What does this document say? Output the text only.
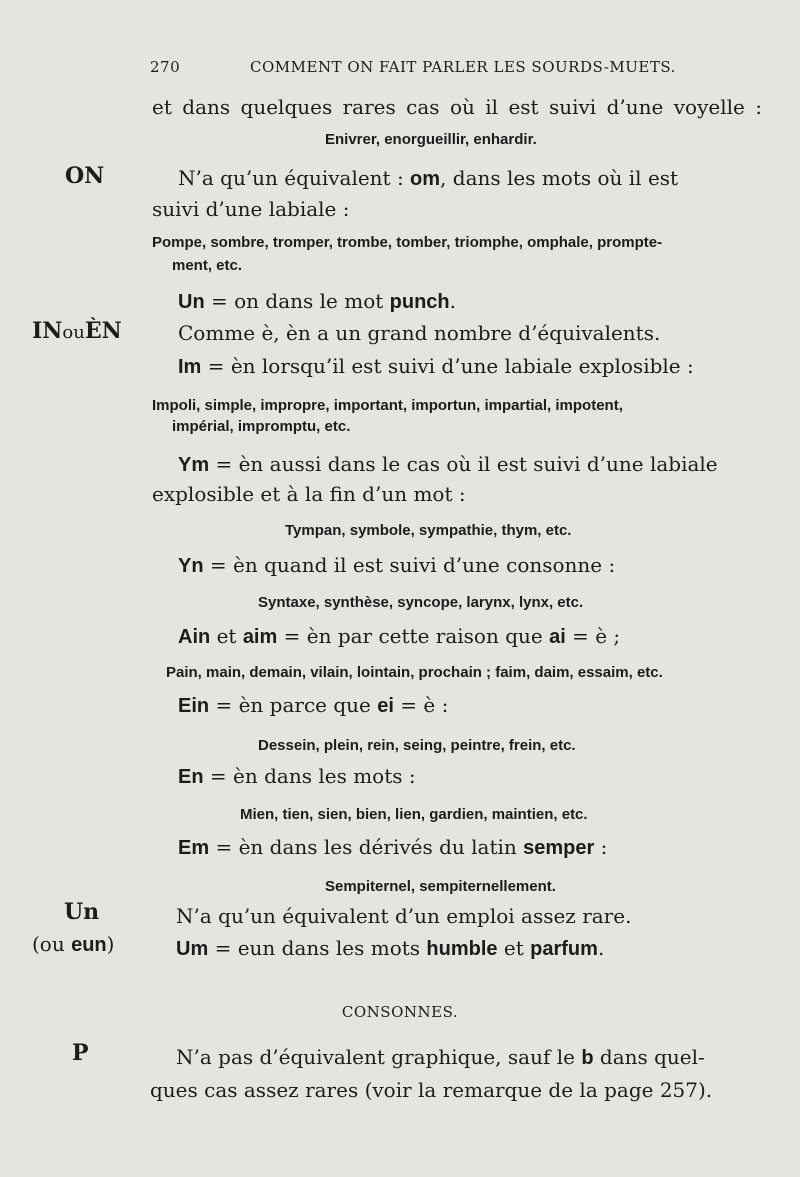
270	COMMENT ON FAIT PARLER LES SOURDS-MUETS.
et dans quelques rares cas où il est suivi d’une voyelle :
Enivrer, enorgueillir, enhardir.
ON	N’a qu’un équivalent : om, dans les mots où il est
suivi d’une labiale :
Pompe, sombre, tromper, trombe, tomber, triomphe, omphale, prompte-
ment, etc.
Un = on dans le mot punch.
INouÈN	Comme è, èn a un grand nombre d’équivalents.
Im = èn lorsqu’il est suivi d’une labiale explosible :
Impoli, simple, impropre, important, importun, impartial, impotent,
impérial, impromptu, etc.
Ym = èn aussi dans le cas où il est suivi d’une labiale
explosible et à la fin d’un mot :
Tympan, symbole, sympathie, thym, etc.
Yn = èn quand il est suivi d’une consonne :
Syntaxe, synthèse, syncope, larynx, lynx, etc.
Ain et aim = èn par cette raison que ai = è ;
Pain, main, demain, vilain, lointain, prochain ; faim, daim, essaim, etc.
Ein = èn parce que ei = è :
Dessein, plein, rein, seing, peintre, frein, etc.
En = èn dans les mots :
Mien, tien, sien, bien, lien, gardien, maintien, etc.
Em = èn dans les dérivés du latin semper :
Sempiternel, sempiternellement.
Un
(ou eun)
N’a qu’un équivalent d’un emploi assez rare.
Um = eun dans les mots humble et parfum.
CONSONNES.
P	N’a pas d’équivalent graphique, sauf le b dans quel-
ques cas assez rares (voir la remarque de la page 257).
